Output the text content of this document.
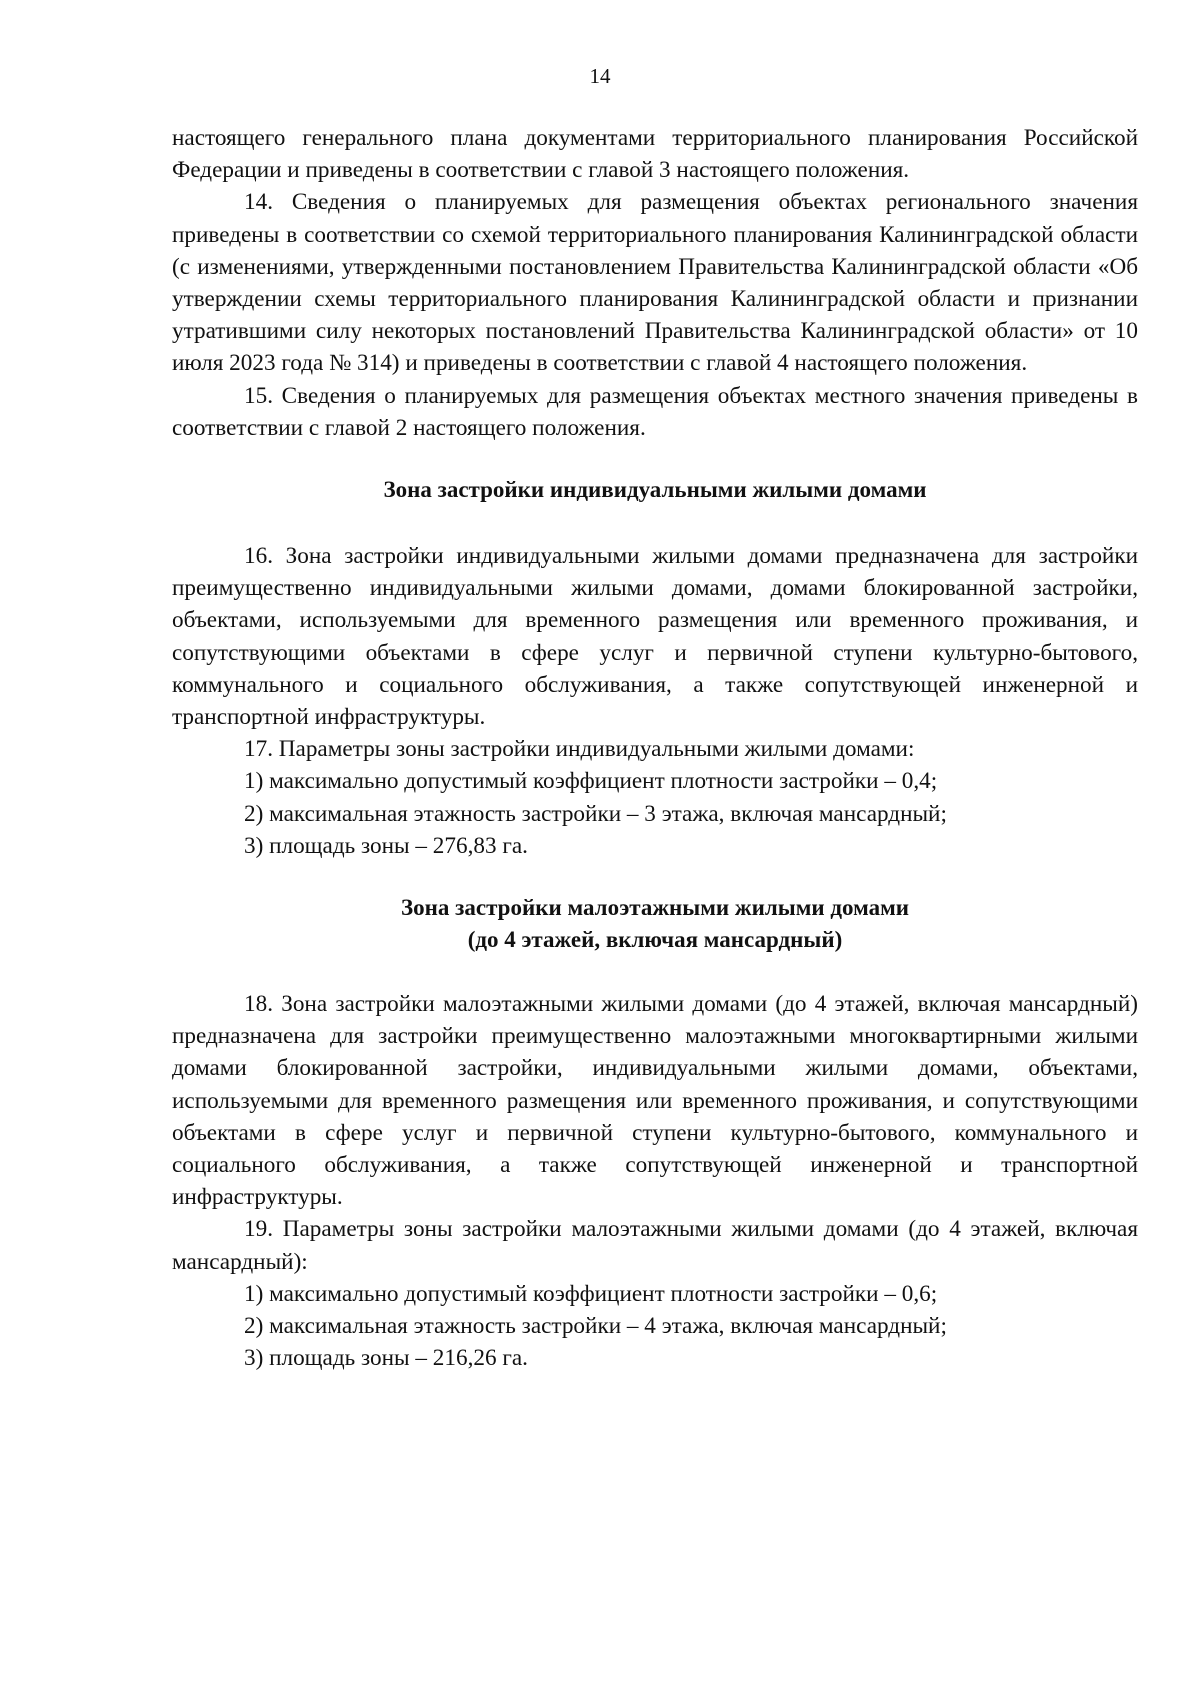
14

настоящего генерального плана документами территориального планирования Российской Федерации и приведены в соответствии с главой 3 настоящего положения.

14. Сведения о планируемых для размещения объектах регионального значения приведены в соответствии со схемой территориального планирования Калининградской области (с изменениями, утвержденными постановлением Правительства Калининградской области «Об утверждении схемы территориального планирования Калининградской области и признании утратившими силу некоторых постановлений Правительства Калининградской области» от 10 июля 2023 года № 314) и приведены в соответствии с главой 4 настоящего положения.

15. Сведения о планируемых для размещения объектах местного значения приведены в соответствии с главой 2 настоящего положения.

Зона застройки индивидуальными жилыми домами

16. Зона застройки индивидуальными жилыми домами предназначена для застройки преимущественно индивидуальными жилыми домами, домами блокированной застройки, объектами, используемыми для временного размещения или временного проживания, и сопутствующими объектами в сфере услуг и первичной ступени культурно-бытового, коммунального и социального обслуживания, а также сопутствующей инженерной и транспортной инфраструктуры.

17. Параметры зоны застройки индивидуальными жилыми домами:

1) максимально допустимый коэффициент плотности застройки – 0,4;

2) максимальная этажность застройки – 3 этажа, включая мансардный;

3) площадь зоны – 276,83 га.

Зона застройки малоэтажными жилыми домами
(до 4 этажей, включая мансардный)

18. Зона застройки малоэтажными жилыми домами (до 4 этажей, включая мансардный) предназначена для застройки преимущественно малоэтажными многоквартирными жилыми домами блокированной застройки, индивидуальными жилыми домами, объектами, используемыми для временного размещения или временного проживания, и сопутствующими объектами в сфере услуг и первичной ступени культурно-бытового, коммунального и социального обслуживания, а также сопутствующей инженерной и транспортной инфраструктуры.

19. Параметры зоны застройки малоэтажными жилыми домами (до 4 этажей, включая мансардный):

1) максимально допустимый коэффициент плотности застройки – 0,6;

2) максимальная этажность застройки – 4 этажа, включая мансардный;

3) площадь зоны – 216,26 га.
